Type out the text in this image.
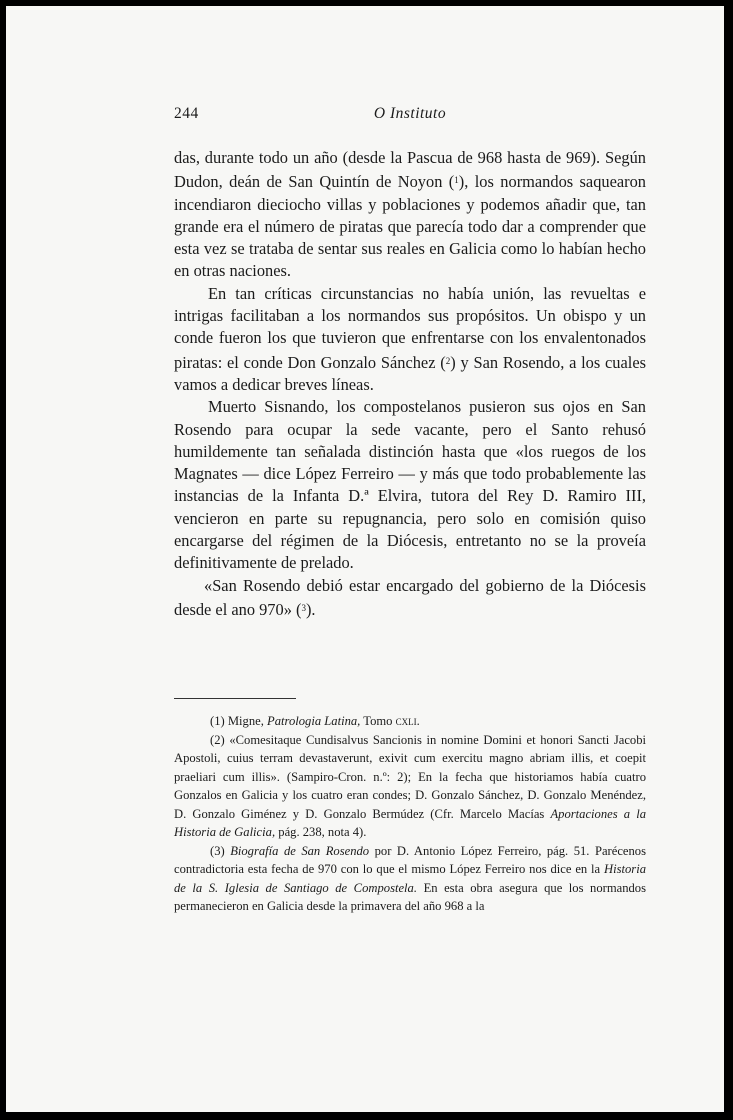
244	O Instituto

das, durante todo un año (desde la Pascua de 968 hasta de 969). Según Dudon, deán de San Quintín de Noyon ($^1$), los normandos saquearon incendiaron dieciocho villas y poblaciones y podemos añadir que, tan grande era el número de piratas que parecía todo dar a comprender que esta vez se trataba de sentar sus reales en Galicia como lo habían hecho en otras naciones.

En tan críticas circunstancias no había unión, las revueltas e intrigas facilitaban a los normandos sus propósitos. Un obispo y un conde fueron los que tuvieron que enfrentarse con los envalentonados piratas: el conde Don Gonzalo Sánchez ($^2$) y San Rosendo, a los cuales vamos a dedicar breves líneas.

Muerto Sisnando, los compostelanos pusieron sus ojos en San Rosendo para ocupar la sede vacante, pero el Santo rehusó humildemente tan señalada distinción hasta que «los ruegos de los Magnates — dice López Ferreiro — y más que todo probablemente las instancias de la Infanta D.ª Elvira, tutora del Rey D. Ramiro III, vencieron en parte su repugnancia, pero solo en comisión quiso encargarse del régimen de la Diócesis, entretanto no se la proveía definitivamente de prelado.

«San Rosendo debió estar encargado del gobierno de la Diócesis desde el ano 970» ($^3$).

(1) Migne, Patrologia Latina, Tomo cxli.

(2) «Comesitaque Cundisalvus Sancionis in nomine Domini et honori Sancti Jacobi Apostoli, cuius terram devastaverunt, exivit cum exercitu magno abriam illis, et coepit praeliari cum illis». (Sampiro-Cron. n.º: 2); En la fecha que historiamos había cuatro Gonzalos en Galicia y los cuatro eran condes; D. Gonzalo Sánchez, D. Gonzalo Menéndez, D. Gonzalo Giménez y D. Gonzalo Bermúdez (Cfr. Marcelo Macías Aportaciones a la Historia de Galicia, pág. 238, nota 4).

(3) Biografía de San Rosendo por D. Antonio López Ferreiro, pág. 51. Parécenos contradictoria esta fecha de 970 con lo que el mismo López Ferreiro nos dice en la Historia de la S. Iglesia de Santiago de Compostela. En esta obra asegura que los normandos permanecieron en Galicia desde la primavera del año 968 a la
